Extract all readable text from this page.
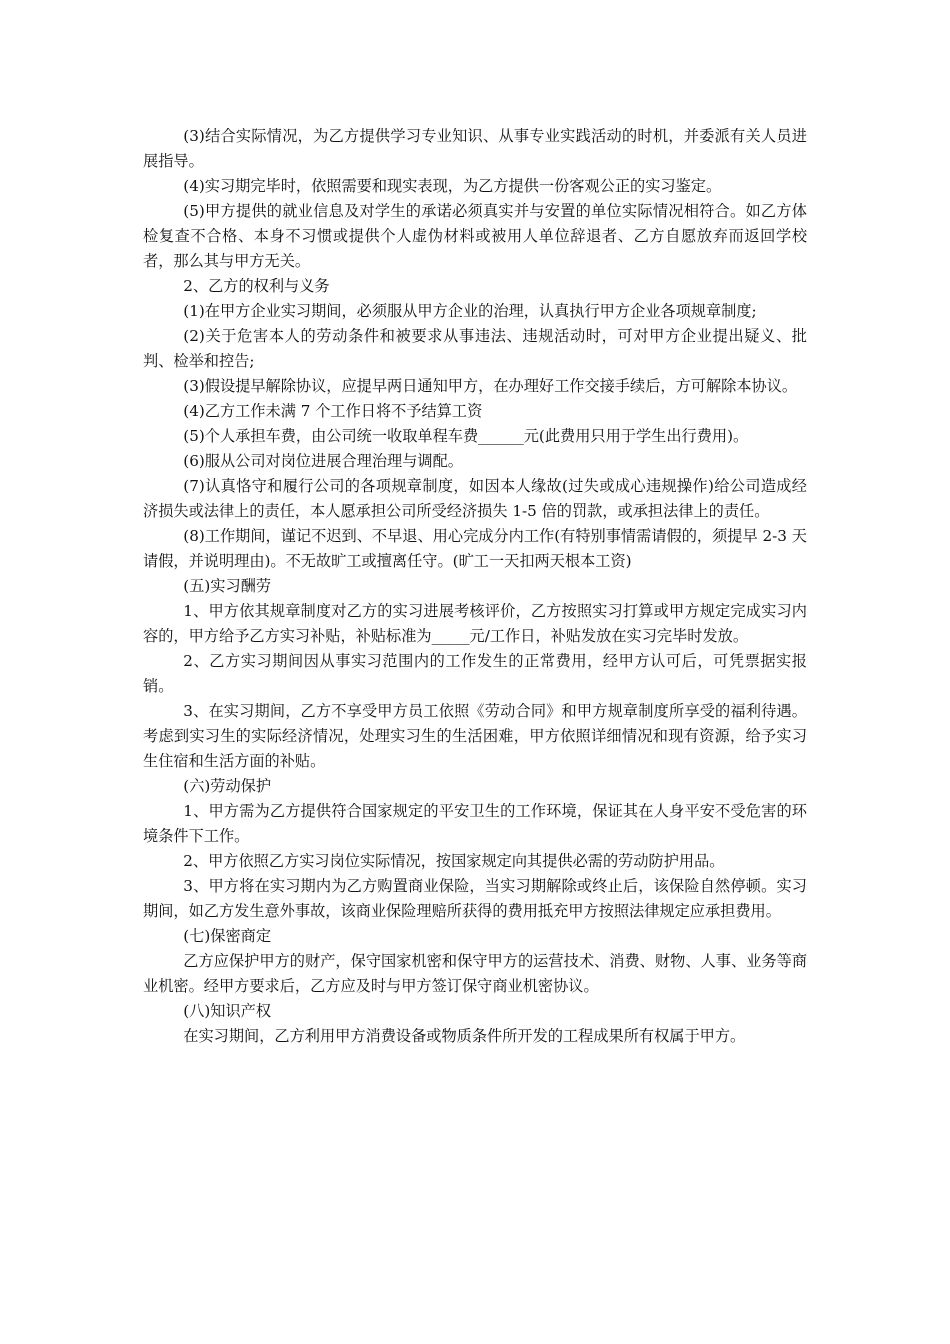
(3)结合实际情况，为乙方提供学习专业知识、从事专业实践活动的时机，并委派有关人员进展指导。

(4)实习期完毕时，依照需要和现实表现，为乙方提供一份客观公正的实习鉴定。

(5)甲方提供的就业信息及对学生的承诺必须真实并与安置的单位实际情况相符合。如乙方体检复查不合格、本身不习惯或提供个人虚伪材料或被用人单位辞退者、乙方自愿放弃而返回学校者，那么其与甲方无关。

2、乙方的权利与义务

(1)在甲方企业实习期间，必须服从甲方企业的治理，认真执行甲方企业各项规章制度;

(2)关于危害本人的劳动条件和被要求从事违法、违规活动时，可对甲方企业提出疑义、批判、检举和控告;

(3)假设提早解除协议，应提早两日通知甲方，在办理好工作交接手续后，方可解除本协议。

(4)乙方工作未满 7 个工作日将不予结算工资

(5)个人承担车费，由公司统一收取单程车费______元(此费用只用于学生出行费用)。

(6)服从公司对岗位进展合理治理与调配。

(7)认真恪守和履行公司的各项规章制度，如因本人缘故(过失或成心违规操作)给公司造成经济损失或法律上的责任，本人愿承担公司所受经济损失 1-5 倍的罚款，或承担法律上的责任。

(8)工作期间，谨记不迟到、不早退、用心完成分内工作(有特别事情需请假的，须提早 2-3 天请假，并说明理由)。不无故旷工或擅离任守。(旷工一天扣两天根本工资)

(五)实习酬劳

1、甲方依其规章制度对乙方的实习进展考核评价，乙方按照实习打算或甲方规定完成实习内容的，甲方给予乙方实习补贴，补贴标准为_____元/工作日，补贴发放在实习完毕时发放。

2、乙方实习期间因从事实习范围内的工作发生的正常费用，经甲方认可后，可凭票据实报销。

3、在实习期间，乙方不享受甲方员工依照《劳动合同》和甲方规章制度所享受的福利待遇。考虑到实习生的实际经济情况，处理实习生的生活困难，甲方依照详细情况和现有资源，给予实习生住宿和生活方面的补贴。

(六)劳动保护

1、甲方需为乙方提供符合国家规定的平安卫生的工作环境，保证其在人身平安不受危害的环境条件下工作。

2、甲方依照乙方实习岗位实际情况，按国家规定向其提供必需的劳动防护用品。

3、甲方将在实习期内为乙方购置商业保险，当实习期解除或终止后，该保险自然停顿。实习期间，如乙方发生意外事故，该商业保险理赔所获得的费用抵充甲方按照法律规定应承担费用。

(七)保密商定

乙方应保护甲方的财产，保守国家机密和保守甲方的运营技术、消费、财物、人事、业务等商业机密。经甲方要求后，乙方应及时与甲方签订保守商业机密协议。

(八)知识产权

在实习期间，乙方利用甲方消费设备或物质条件所开发的工程成果所有权属于甲方。
